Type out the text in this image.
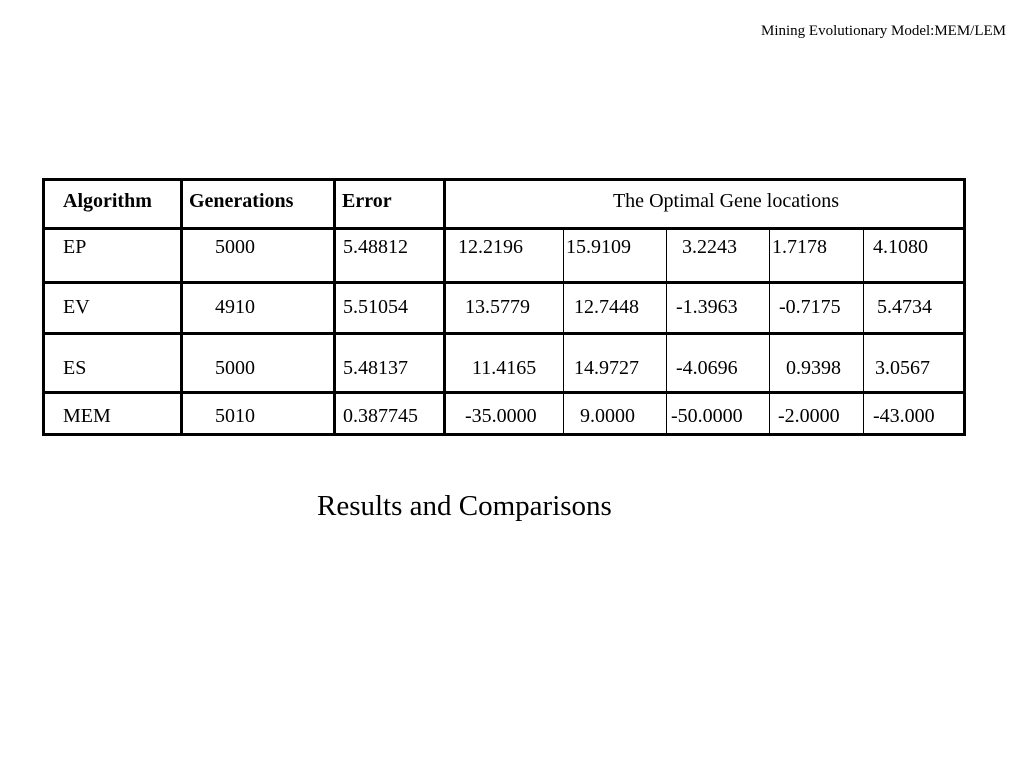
Mining Evolutionary Model:MEM/LEM
Algorithm Generations Error	The Optimal Gene locations
EP	5000	5.48812	12.2196 15.9109	3.2243 1.7178 4.1080
EV	4910	5.51054	13.5779 12.7448 -1.3963 -0.7175 5.4734
ES	5000	5.48137	11.4165 14.9727 -4.0696 0.9398 3.0567
MEM	5010	0.387745 -35.0000 9.0000 -50.0000 -2.0000 -43.000
Results and Comparisons
